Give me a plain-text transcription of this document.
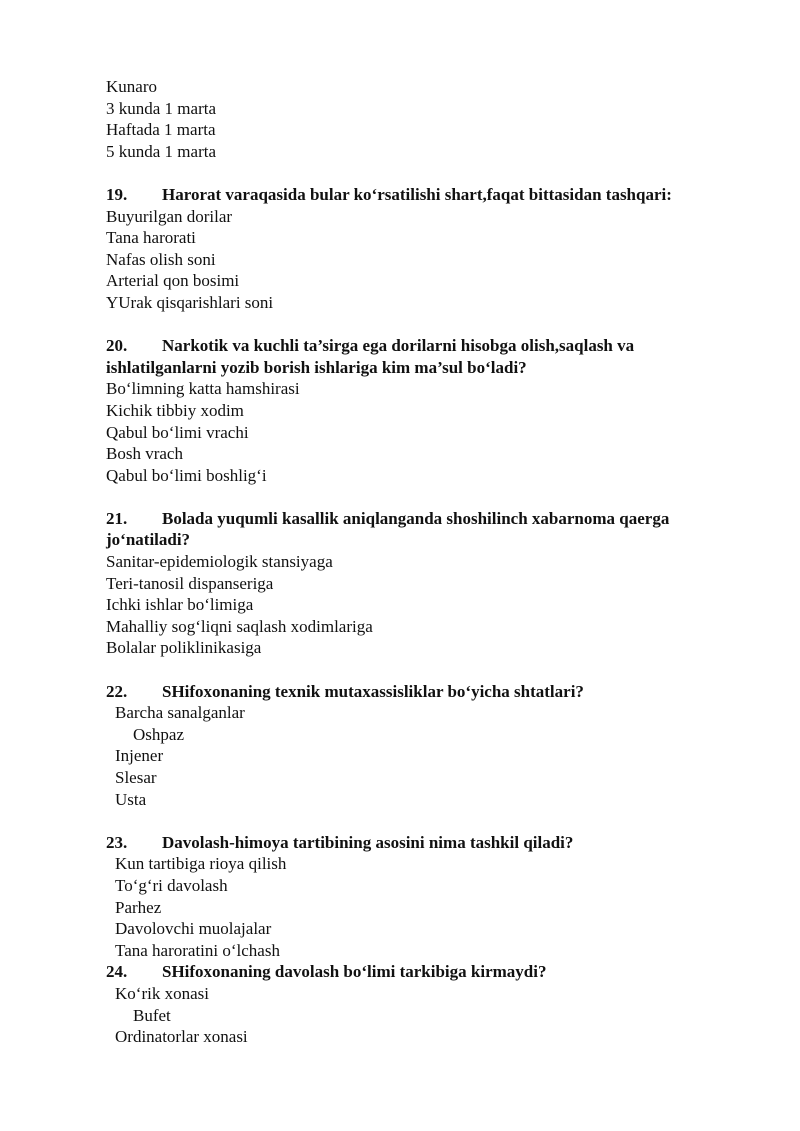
Kunaro

3 kunda 1 marta

Haftada 1 marta

5 kunda 1 marta

19.	Harorat varaqasida bular ko‘rsatilishi shart,faqat bittasidan tashqari:

Buyurilgan dorilar

Tana harorati

Nafas olish soni

Arterial qon bosimi

YUrak qisqarishlari soni

20.	Narkotik va kuchli ta’sirga ega dorilarni hisobga olish,saqlash va

ishlatilganlarni yozib borish ishlariga kim ma’sul bo‘ladi?

Bo‘limning katta hamshirasi

Kichik tibbiy xodim

Qabul bo‘limi vrachi

Bosh vrach

Qabul bo‘limi boshlig‘i

21.	Bolada yuqumli kasallik aniqlanganda shoshilinch xabarnoma qaerga

jo‘natiladi?

Sanitar-epidemiologik stansiyaga

Teri-tanosil dispanseriga

Ichki ishlar bo‘limiga

Mahalliy sog‘liqni saqlash xodimlariga

Bolalar poliklinikasiga

22.	SHifoxonaning texnik mutaxassisliklar bo‘yicha shtatlari?

Barcha sanalganlar

Oshpaz

Injener

Slesar

Usta

23.	Davolash-himoya tartibining asosini nima tashkil qiladi?

Kun tartibiga rioya qilish

To‘g‘ri davolash

Parhez

Davolovchi muolajalar

Tana haroratini o‘lchash

24.	SHifoxonaning davolash bo‘limi tarkibiga kirmaydi?

Ko‘rik xonasi

Bufet

Ordinatorlar xonasi
